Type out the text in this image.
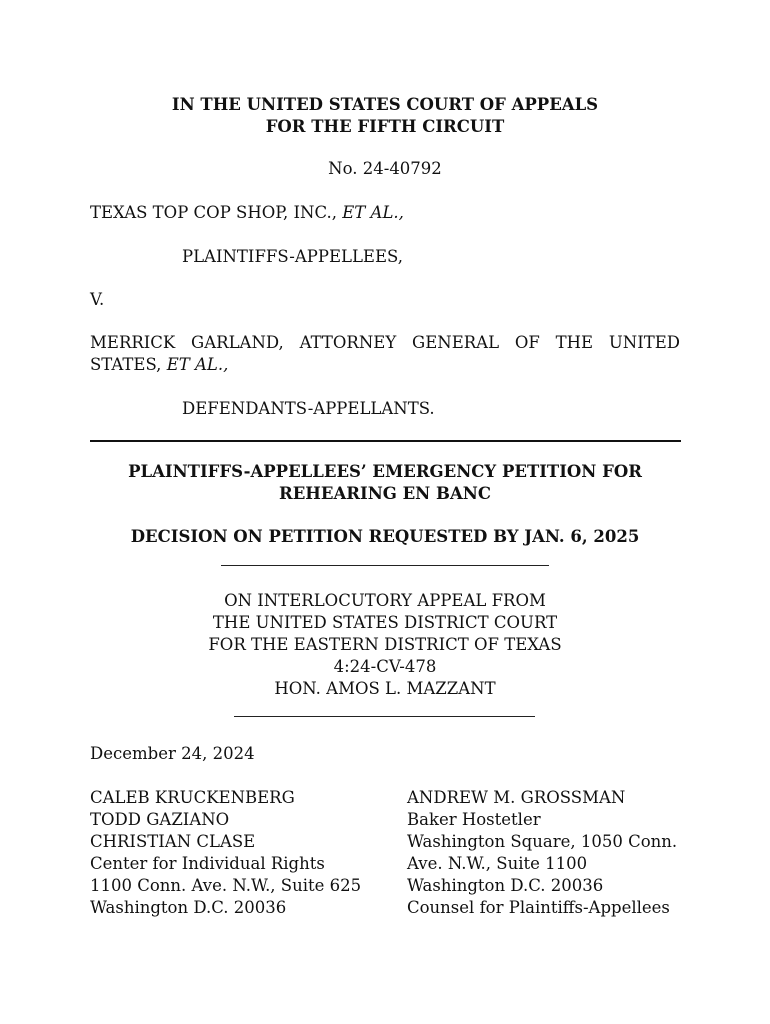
IN THE UNITED STATES COURT OF APPEALS
FOR THE FIFTH CIRCUIT
No. 24-40792
TEXAS TOP COP SHOP, INC., ET AL.,
PLAINTIFFS-APPELLEES,
V.
MERRICK GARLAND, ATTORNEY GENERAL OF THE UNITED
STATES, ET AL.,
DEFENDANTS-APPELLANTS.
PLAINTIFFS-APPELLEES’ EMERGENCY PETITION FOR
REHEARING EN BANC
DECISION ON PETITION REQUESTED BY JAN. 6, 2025
ON INTERLOCUTORY APPEAL FROM
THE UNITED STATES DISTRICT COURT
FOR THE EASTERN DISTRICT OF TEXAS
4:24-CV-478
HON. AMOS L. MAZZANT
December 24, 2024
CALEB KRUCKENBERG
TODD GAZIANO
CHRISTIAN CLASE
Center for Individual Rights
1100 Conn. Ave. N.W., Suite 625
Washington D.C. 20036
ANDREW M. GROSSMAN
Baker Hostetler
Washington Square, 1050 Conn.
Ave. N.W., Suite 1100
Washington D.C. 20036
Counsel for Plaintiffs-Appellees
